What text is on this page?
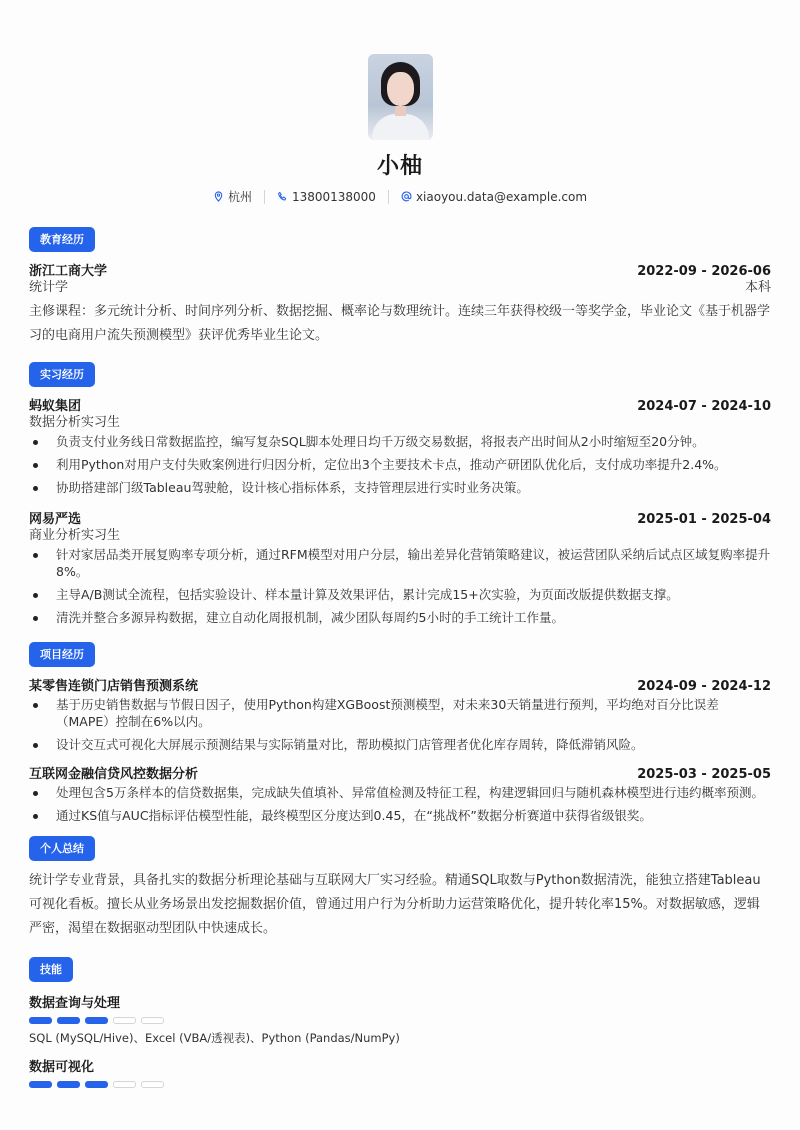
小柚
杭州	13800138000	xiaoyou.data@example.com
教育经历
浙江工商大学	2022-09 - 2026-06
统计学	本科

主修课程：多元统计分析、时间序列分析、数据挖掘、概率论与数理统计。连续三年获得校级一等奖学金，毕业论文《基于机器学习的电商用户流失预测模型》获评优秀毕业生论文。

实习经历
蚂蚁集团	2024-07 - 2024-10
数据分析实习生
负责支付业务线日常数据监控，编写复杂SQL脚本处理日均千万级交易数据，将报表产出时间从2小时缩短至20分钟。
利用Python对用户支付失败案例进行归因分析，定位出3个主要技术卡点，推动产研团队优化后，支付成功率提升2.4%。
协助搭建部门级Tableau驾驶舱，设计核心指标体系，支持管理层进行实时业务决策。
网易严选	2025-01 - 2025-04
商业分析实习生
针对家居品类开展复购率专项分析，通过RFM模型对用户分层，输出差异化营销策略建议，被运营团队采纳后试点区域复购率提升8%。
主导A/B测试全流程，包括实验设计、样本量计算及效果评估，累计完成15+次实验，为页面改版提供数据支撑。
清洗并整合多源异构数据，建立自动化周报机制，减少团队每周约5小时的手工统计工作量。
项目经历
某零售连锁门店销售预测系统	2024-09 - 2024-12
基于历史销售数据与节假日因子，使用Python构建XGBoost预测模型，对未来30天销量进行预判，平均绝对百分比误差（MAPE）控制在6%以内。
设计交互式可视化大屏展示预测结果与实际销量对比，帮助模拟门店管理者优化库存周转，降低滞销风险。
互联网金融信贷风控数据分析	2025-03 - 2025-05
处理包含5万条样本的信贷数据集，完成缺失值填补、异常值检测及特征工程，构建逻辑回归与随机森林模型进行违约概率预测。
通过KS值与AUC指标评估模型性能，最终模型区分度达到0.45，在“挑战杯”数据分析赛道中获得省级银奖。
个人总结

统计学专业背景，具备扎实的数据分析理论基础与互联网大厂实习经验。精通SQL取数与Python数据清洗，能独立搭建Tableau可视化看板。擅长从业务场景出发挖掘数据价值，曾通过用户行为分析助力运营策略优化，提升转化率15%。对数据敏感，逻辑严密，渴望在数据驱动型团队中快速成长。

技能
数据查询与处理
SQL (MySQL/Hive)、Excel (VBA/透视表)、Python (Pandas/NumPy)
数据可视化
